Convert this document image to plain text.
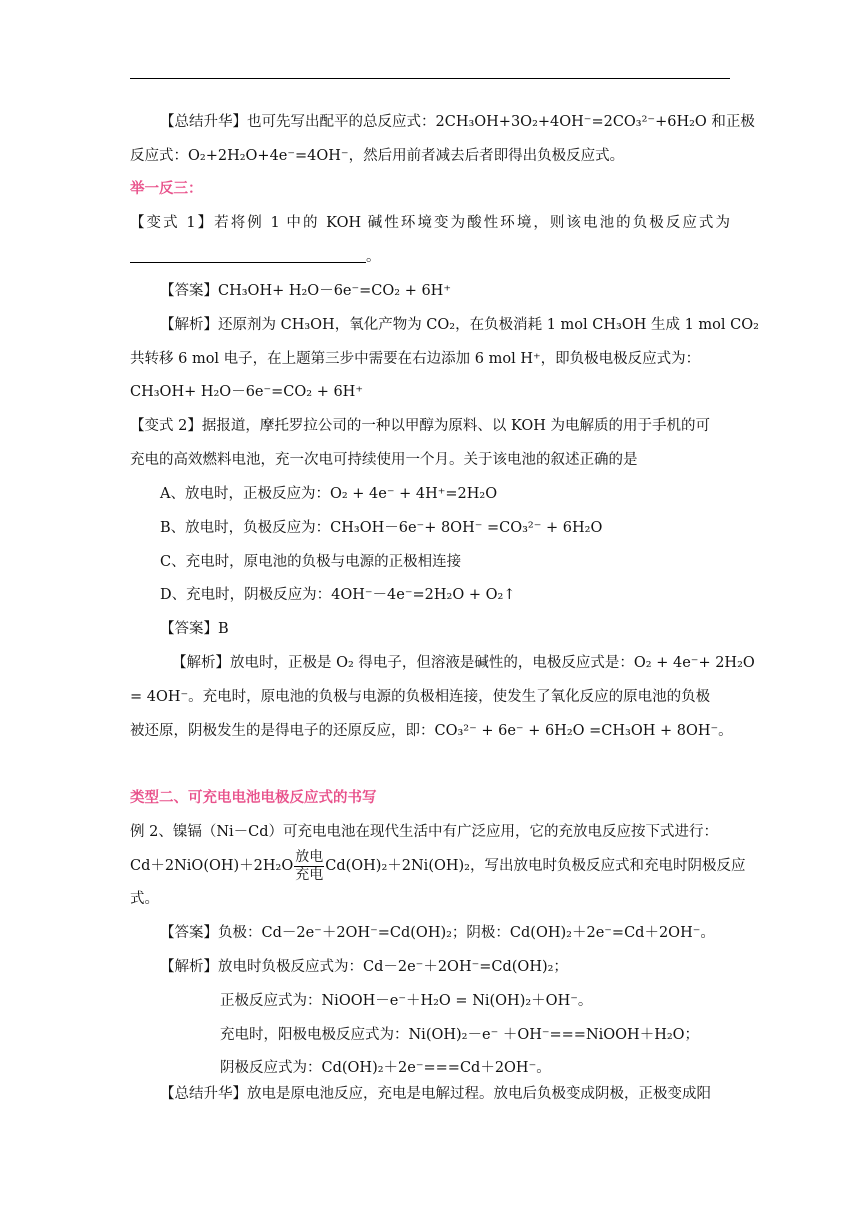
【总结升华】也可先写出配平的总反应式：2CH₃OH+3O₂+4OH⁻=2CO₃²⁻+6H₂O 和正极
反应式：O₂+2H₂O+4e⁻=4OH⁻，然后用前者减去后者即得出负极反应式。
举一反三：
【变式 1】若将例 1 中的 KOH 碱性环境变为酸性环境，则该电池的负极反应式为
。
【答案】CH₃OH+ H₂O－6e⁻=CO₂ + 6H⁺
【解析】还原剂为 CH₃OH，氧化产物为 CO₂，在负极消耗 1 mol CH₃OH 生成 1 mol CO₂
共转移 6 mol 电子，在上题第三步中需要在右边添加 6 mol H⁺，即负极电极反应式为：
CH₃OH+ H₂O－6e⁻=CO₂ + 6H⁺
【变式 2】据报道，摩托罗拉公司的一种以甲醇为原料、以 KOH 为电解质的用于手机的可
充电的高效燃料电池，充一次电可持续使用一个月。关于该电池的叙述正确的是
A、放电时，正极反应为：O₂ + 4e⁻ + 4H⁺=2H₂O
B、放电时，负极反应为：CH₃OH－6e⁻+ 8OH⁻ =CO₃²⁻ + 6H₂O
C、充电时，原电池的负极与电源的正极相连接
D、充电时，阴极反应为：4OH⁻－4e⁻=2H₂O + O₂↑
【答案】B
【解析】放电时，正极是 O₂ 得电子，但溶液是碱性的，电极反应式是：O₂ + 4e⁻+ 2H₂O
= 4OH⁻。充电时，原电池的负极与电源的负极相连接，使发生了氧化反应的原电池的负极
被还原，阴极发生的是得电子的还原反应，即：CO₃²⁻ + 6e⁻ + 6H₂O =CH₃OH + 8OH⁻。
类型二、可充电电池电极反应式的书写
例 2、镍镉（Ni－Cd）可充电电池在现代生活中有广泛应用，它的充放电反应按下式进行：
$Cd+2NiO(OH)+2H_2O \frac{\text{放电}}{\text{充电}} Cd(OH)_2+2Ni(OH)_2$，写出放电时负极反应式和充电时阴极反应
式。
【答案】负极：Cd－2e⁻＋2OH⁻=Cd(OH)₂；阴极：Cd(OH)₂＋2e⁻=Cd＋2OH⁻。
【解析】放电时负极反应式为：Cd－2e⁻＋2OH⁻=Cd(OH)₂；
正极反应式为：NiOOH－e⁻＋H₂O = Ni(OH)₂＋OH⁻。
充电时，阳极电极反应式为：Ni(OH)₂－e⁻ ＋OH⁻===NiOOH＋H₂O；
阴极反应式为：Cd(OH)₂＋2e⁻===Cd＋2OH⁻。
【总结升华】放电是原电池反应，充电是电解过程。放电后负极变成阴极，正极变成阳
